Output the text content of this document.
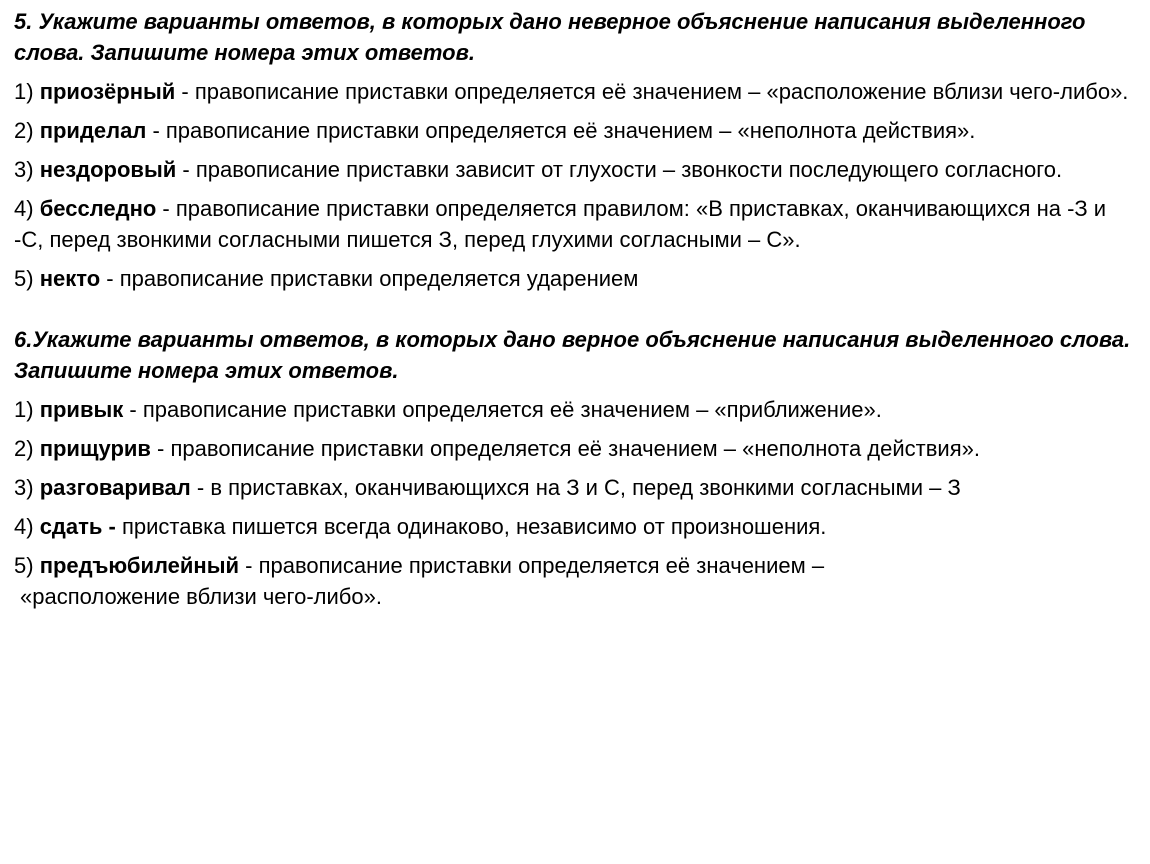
5. Укажите варианты ответов, в которых дано неверное объяснение написания выделенного слова. Запишите номера этих ответов.

1) приозёрный - правописание приставки определяется её значением – «расположение вблизи чего-либо».
2) приделал - правописание приставки определяется её значением – «неполнота действия».
3) нездоровый - правописание приставки зависит от глухости – звонкости последующего согласного.
4) бесследно - правописание приставки определяется правилом: «В приставках, оканчивающихся на -З и -С, перед звонкими согласными пишется З, перед глухими согласными – С».
5) некто - правописание приставки определяется ударением

6.Укажите варианты ответов, в которых дано верное объяснение написания выделенного слова. Запишите номера этих ответов.

1) привык - правописание приставки определяется её значением – «приближение».
2) прищурив - правописание приставки определяется её значением – «неполнота действия».
3) разговаривал - в приставках, оканчивающихся на З и С, перед звонкими согласными – З
4) сдать - приставка пишется всегда одинаково, независимо от произношения.
5) предъюбилейный - правописание приставки определяется её значением –
«расположение вблизи чего-либо».
